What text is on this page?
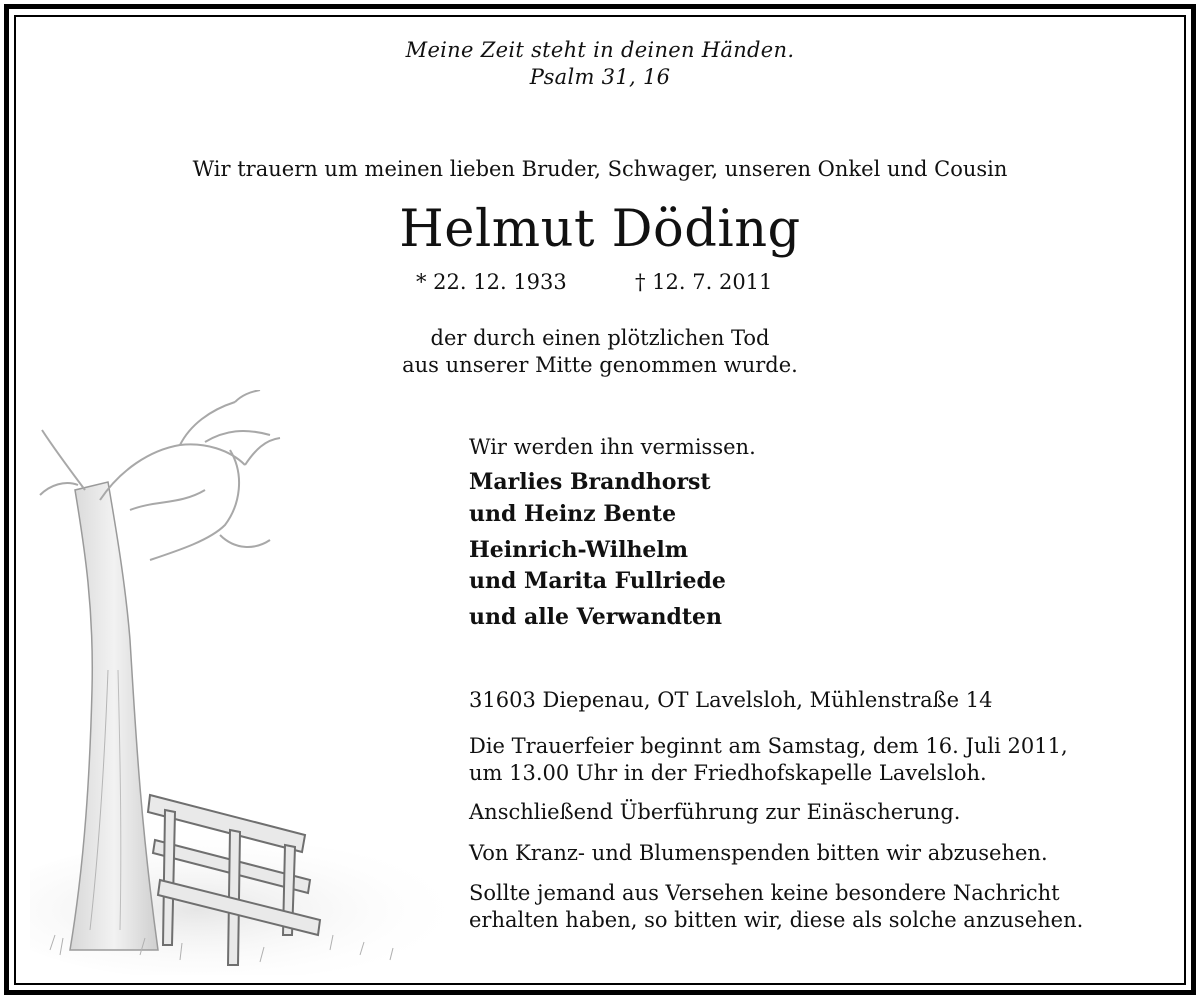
Meine Zeit steht in deinen Händen.
Psalm 31, 16
Wir trauern um meinen lieben Bruder, Schwager, unseren Onkel und Cousin
Helmut Döding
* 22. 12. 1933	† 12. 7. 2011
der durch einen plötzlichen Tod
aus unserer Mitte genommen wurde.
Wir werden ihn vermissen.
Marlies Brandhorst
und Heinz Bente
Heinrich-Wilhelm
und Marita Fullriede
und alle Verwandten
31603 Diepenau, OT Lavelsloh, Mühlenstraße 14
Die Trauerfeier beginnt am Samstag, dem 16. Juli 2011,
um 13.00 Uhr in der Friedhofskapelle Lavelsloh.
Anschließend Überführung zur Einäscherung.
Von Kranz- und Blumenspenden bitten wir abzusehen.
Sollte jemand aus Versehen keine besondere Nachricht
erhalten haben, so bitten wir, diese als solche anzusehen.
